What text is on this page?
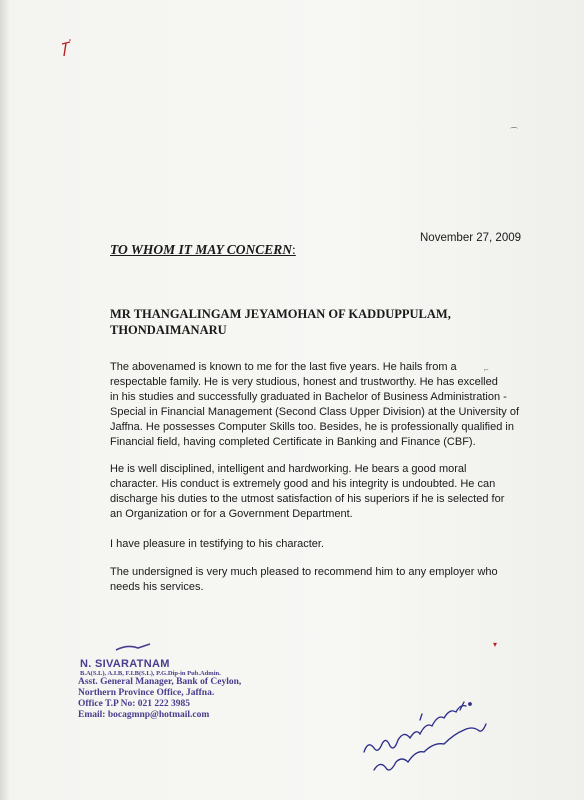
⌒
⌐
▾
November 27, 2009
TO WHOM IT MAY CONCERN:
MR THANGALINGAM JEYAMOHAN OF KADDUPPULAM,
THONDAIMANARU

The abovenamed is known to me for the last five years. He hails from a
respectable family. He is very studious, honest and trustworthy. He has excelled
in his studies and successfully graduated in Bachelor of Business Administration -
Special in Financial Management (Second Class Upper Division) at the University of
Jaffna. He possesses Computer Skills too. Besides, he is professionally qualified in
Financial field, having completed Certificate in Banking and Finance (CBF).

He is well disciplined, intelligent and hardworking. He bears a good moral
character. His conduct is extremely good and his integrity is undoubted. He can
discharge his duties to the utmost satisfaction of his superiors if he is selected for
an Organization or for a Government Department.

I have pleasure in testifying to his character.

The undersigned is very much pleased to recommend him to any employer who
needs his services.

N. SIVARATNAM
B.A(S.L), A.I.B, F.I.B(S.L), P.G.Dip-in Pub.Admin.
Asst. General Manager, Bank of Ceylon,
Northern Province Office, Jaffna.
Office T.P No: 021 222 3985
Email: bocagmnp@hotmail.com
